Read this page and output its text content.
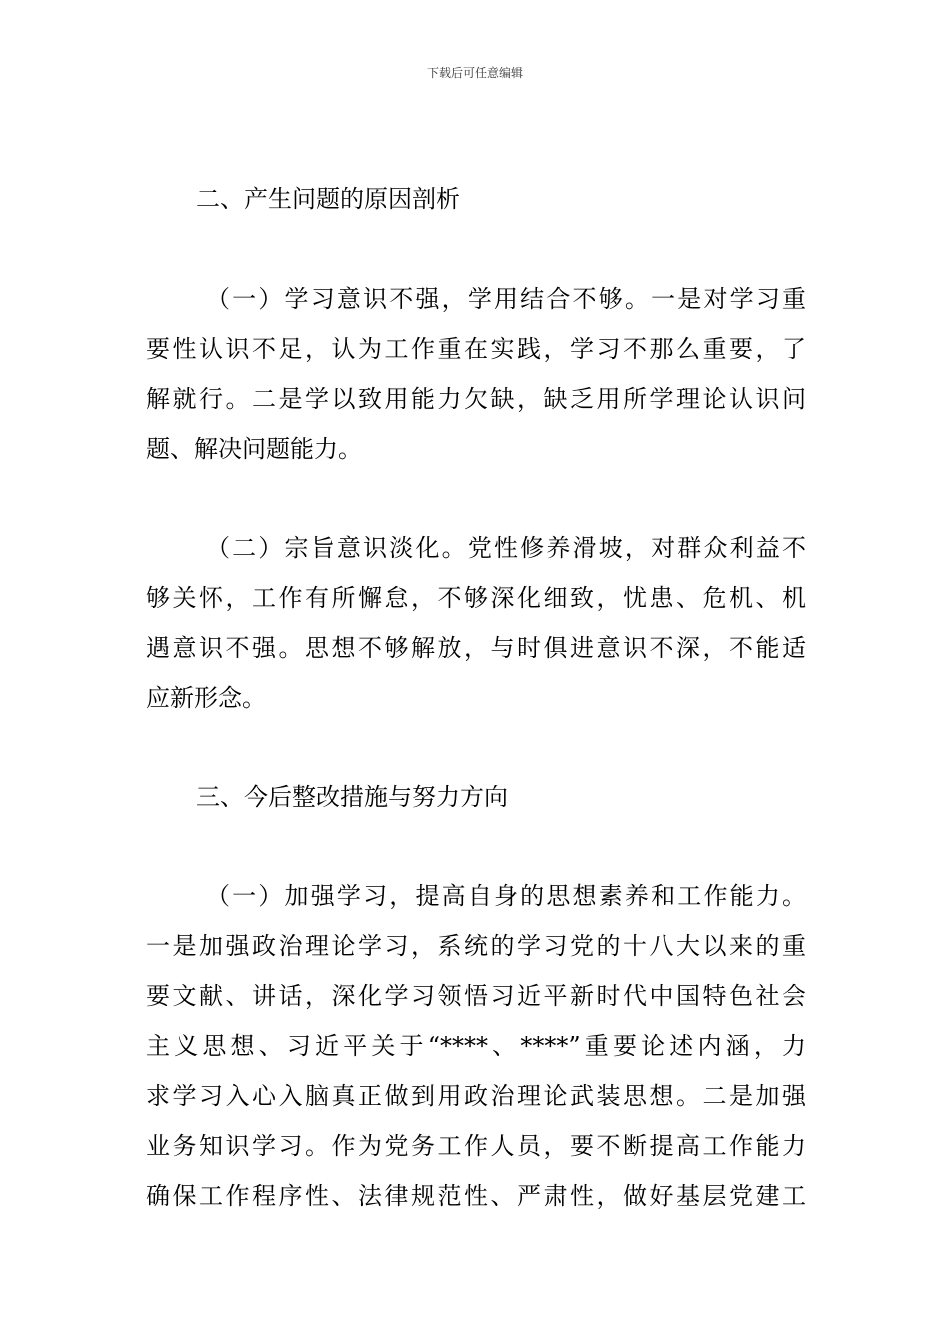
下载后可任意编辑
二、产生问题的原因剖析
（一）学习意识不强，学用结合不够。一是对学习重
要性认识不足，认为工作重在实践，学习不那么重要，了
解就行。二是学以致用能力欠缺，缺乏用所学理论认识问
题、解决问题能力。
（二）宗旨意识淡化。党性修养滑坡，对群众利益不
够关怀，工作有所懈怠，不够深化细致，忧患、危机、机
遇意识不强。思想不够解放，与时俱进意识不深，不能适
应新形念。
三、今后整改措施与努力方向
（一）加强学习，提高自身的思想素养和工作能力。
一是加强政治理论学习，系统的学习党的十八大以来的重
要文献、讲话，深化学习领悟习近平新时代中国特色社会
主义思想、习近平关于“****、****”重要论述内涵，力
求学习入心入脑真正做到用政治理论武装思想。二是加强
业务知识学习。作为党务工作人员，要不断提高工作能力
确保工作程序性、法律规范性、严肃性，做好基层党建工
